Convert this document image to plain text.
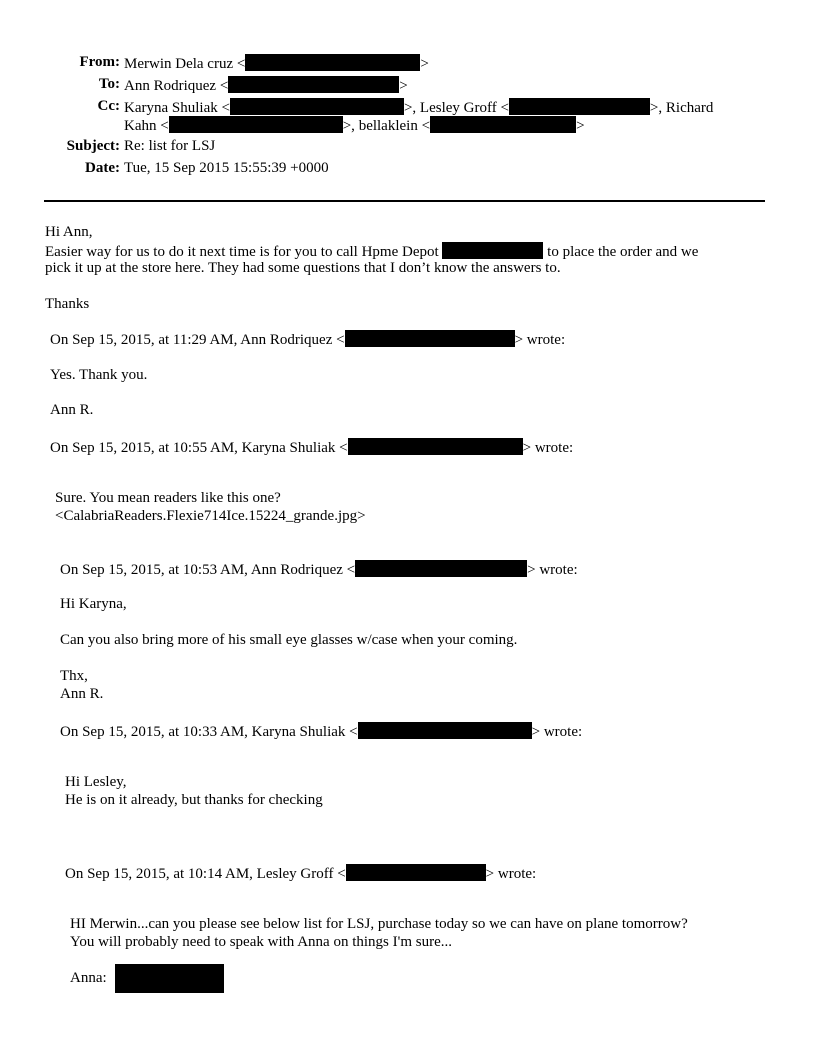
From: Merwin Dela cruz <	>
To: Ann Rodriquez <	>
Cc: Karyna Shuliak <	>, Lesley Groff <	>, Richard
Kahn <	>, bellaklein <	>
Subject: Re: list for LSJ
Date: Tue, 15 Sep 2015 15:55:39 +0000
Hi Ann,
Easier way for us to do it next time is for you to call Hpme Depot	to place the order and we
pick it up at the store here. They had some questions that I don’t know the answers to.
Thanks
On Sep 15, 2015, at 11:29 AM, Ann Rodriquez <	> wrote:
Yes. Thank you.
Ann R.
On Sep 15, 2015, at 10:55 AM, Karyna Shuliak <	> wrote:
Sure. You mean readers like this one?
<CalabriaReaders.Flexie714Ice.15224_grande.jpg>
On Sep 15, 2015, at 10:53 AM, Ann Rodriquez <	> wrote:
Hi Karyna,
Can you also bring more of his small eye glasses w/case when your coming.
Thx,
Ann R.
On Sep 15, 2015, at 10:33 AM, Karyna Shuliak <	> wrote:
Hi Lesley,
He is on it already, but thanks for checking
On Sep 15, 2015, at 10:14 AM, Lesley Groff <	> wrote:
HI Merwin...can you please see below list for LSJ, purchase today so we can have on plane tomorrow?
You will probably need to speak with Anna on things I'm sure...
Anna:
